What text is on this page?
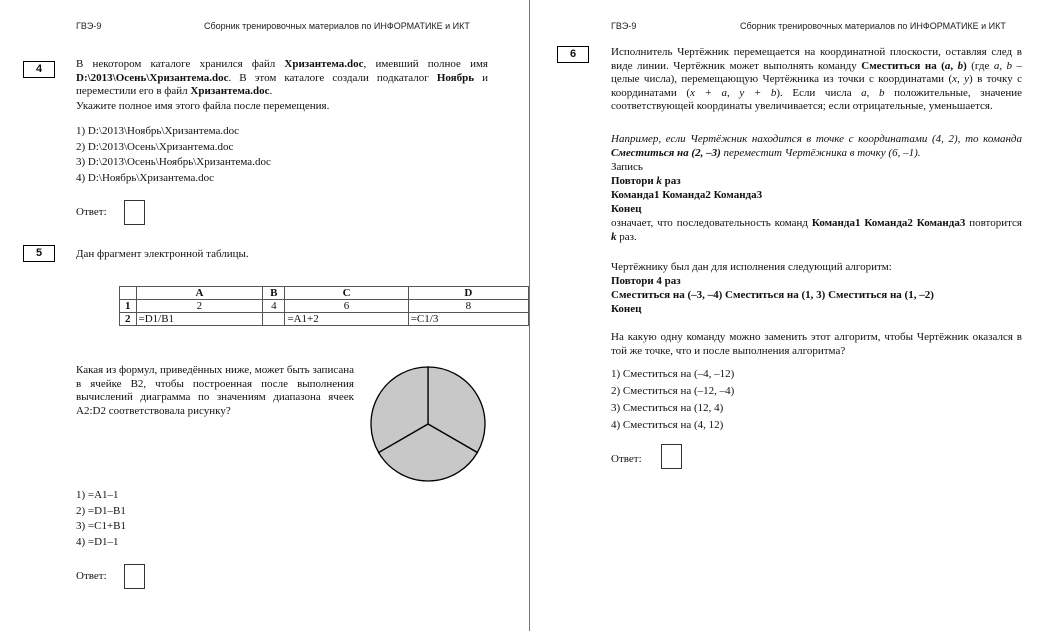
ГВЭ-9	Сборник тренировочных материалов по ИНФОРМАТИКЕ и ИКТ
4	В некотором каталоге хранился файл Хризантема.doc, имевший полное имя D:\2013\Осень\Хризантема.doc. В этом каталоге создали подкаталог Ноябрь и переместили его в файл Хризантема.doc.
Укажите полное имя этого файла после перемещения.
1) D:\2013\Ноябрь\Хризантема.doc
2) D:\2013\Осень\Хризантема.doc
3) D:\2013\Осень\Ноябрь\Хризантема.doc
4) D:\Ноябрь\Хризантема.doc
Ответ:
5	Дан фрагмент электронной таблицы.
	A	B	C	D
1	2	4	6	8
2	=D1/B1		=A1+2	=C1/3
Какая из формул, приведённых ниже, может быть записана в ячейке B2, чтобы построенная после выполнения вычислений диаграмма по значениям диапазона ячеек A2:D2 соответствовала рисунку?
1) =A1–1
2) =D1–B1
3) =C1+B1
4) =D1–1
Ответ:
ГВЭ-9	Сборник тренировочных материалов по ИНФОРМАТИКЕ и ИКТ
6	Исполнитель Чертёжник перемещается на координатной плоскости, оставляя след в виде линии. Чертёжник может выполнять команду Сместиться на (a, b) (где a, b – целые числа), перемещающую Чертёжника из точки с координатами (x, y) в точку с координатами (x + a, y + b). Если числа a, b положительные, значение соответствующей координаты увеличивается; если отрицательные, уменьшается.
Например, если Чертёжник находится в точке с координатами (4, 2), то команда Сместиться на (2, –3) переместит Чертёжника в точку (6, –1).
Запись
Повтори k раз
Команда1 Команда2 Команда3
Конец
означает, что последовательность команд Команда1 Команда2 Команда3 повторится k раз.
Чертёжнику был дан для исполнения следующий алгоритм:
Повтори 4 раз
Сместиться на (–3, –4) Сместиться на (1, 3) Сместиться на (1, –2)
Конец
На какую одну команду можно заменить этот алгоритм, чтобы Чертёжник оказался в той же точке, что и после выполнения алгоритма?
1) Сместиться на (–4, –12)
2) Сместиться на (–12, –4)
3) Сместиться на (12, 4)
4) Сместиться на (4, 12)
Ответ:
